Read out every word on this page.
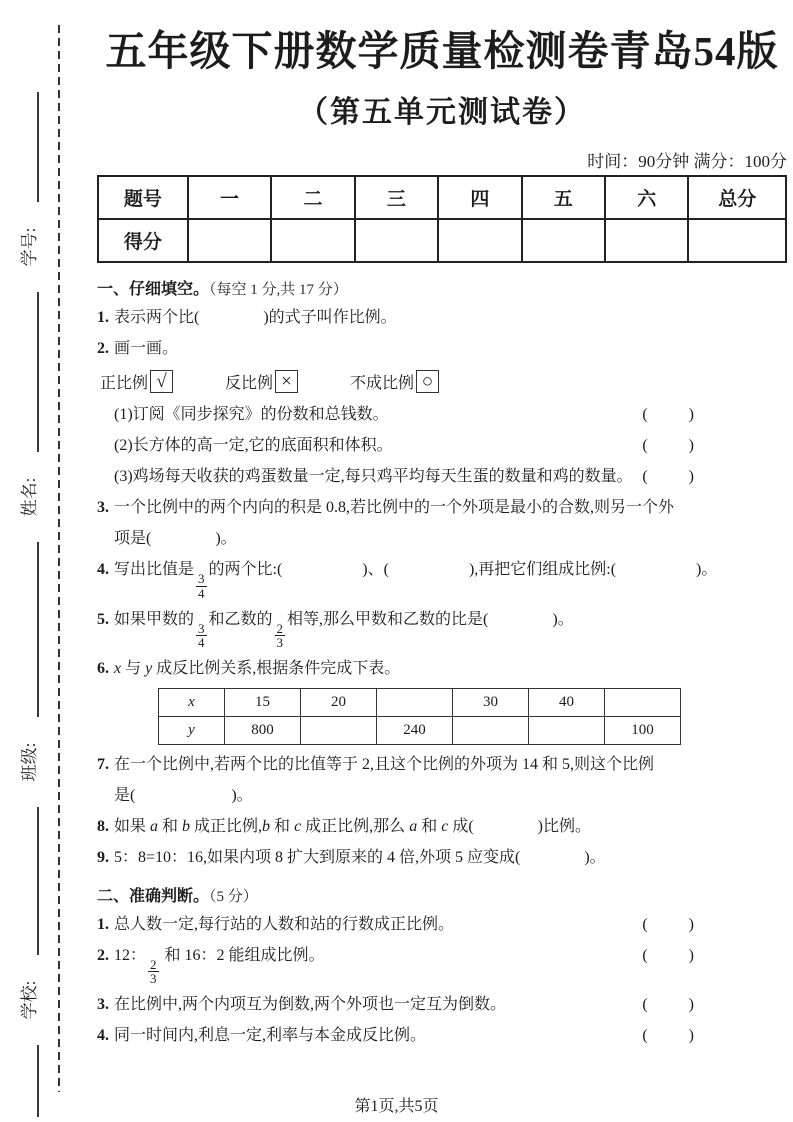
学号:
姓名:
班级:
学校:
五年级下册数学质量检测卷青岛54版
（第五单元测试卷）
时间：90分钟 满分：100分
题号	一	二	三	四	五	六	总分
得分							
一、仔细填空。（每空 1 分,共 17 分）
1. 表示两个比(　　　　)的式子叫作比例。
2. 画一画。
正比例 √	反比例 ×	不成比例 ○
(1)订阅《同步探究》的份数和总钱数。	(　　)
(2)长方体的高一定,它的底面积和体积。	(　　)
(3)鸡场每天收获的鸡蛋数量一定,每只鸡平均每天生蛋的数量和鸡的数量。 (　　)
3. 一个比例中的两个内向的积是 0.8,若比例中的一个外项是最小的合数,则另一个外
项是(　　　　)。
4. 写出比值是
$\frac{3}{4}$
的两个比:(　　　　　)、(　　　　　),再把它们组成比例:(　　　　　)。
5. 如果甲数的
$\frac{3}{4}$
和乙数的
$\frac{2}{3}$
相等,那么甲数和乙数的比是(　　　　)。
6. x 与 y 成反比例关系,根据条件完成下表。
x	15	20		30	40	
y	800		240			100
7. 在一个比例中,若两个比的比值等于 2,且这个比例的外项为 14 和 5,则这个比例
是(　　　　　　)。
8. 如果 a 和 b 成正比例,b 和 c 成正比例,那么 a 和 c 成(　　　　)比例。
9. 5：8=10：16,如果内项 8 扩大到原来的 4 倍,外项 5 应变成(　　　　)。
二、准确判断。（5 分）
1. 总人数一定,每行站的人数和站的行数成正比例。	(　　)
2. 12：
$\frac{2}{3}$
和 16：2 能组成比例。	(　　)
3. 在比例中,两个内项互为倒数,两个外项也一定互为倒数。	(　　)
4. 同一时间内,利息一定,利率与本金成反比例。	(　　)
第1页,共5页
